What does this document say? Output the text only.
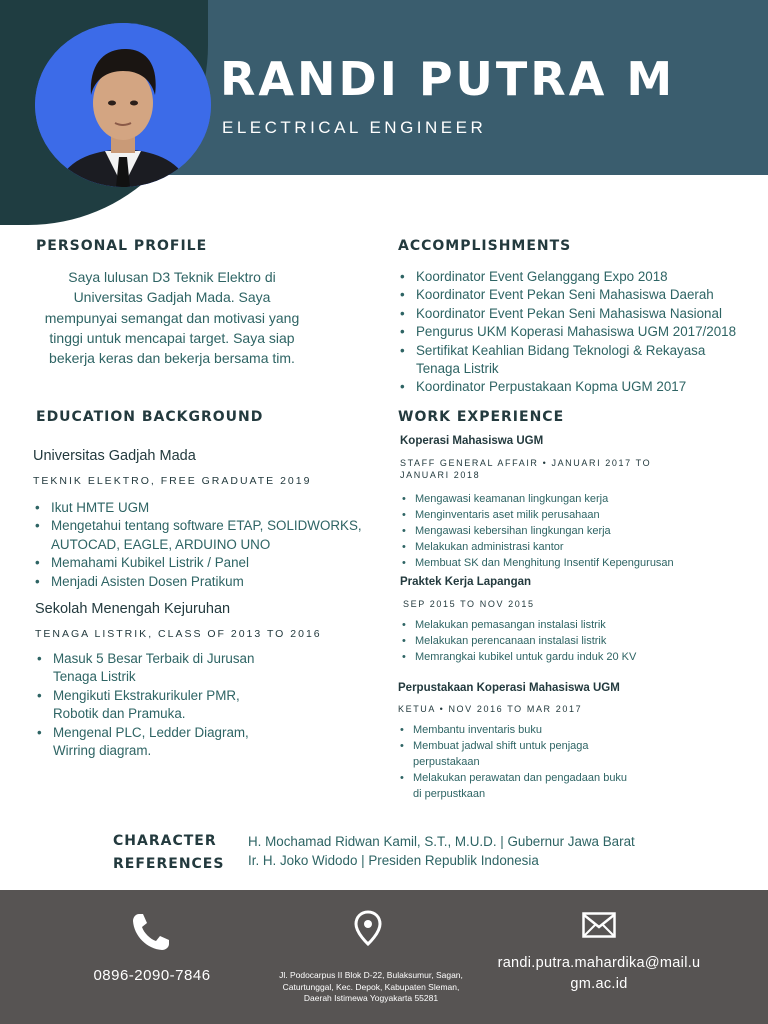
RANDI PUTRA M
ELECTRICAL ENGINEER
PERSONAL PROFILE
Saya lulusan D3 Teknik Elektro di Universitas Gadjah Mada. Saya mempunyai semangat dan motivasi yang tinggi untuk mencapai target. Saya siap bekerja keras dan bekerja bersama tim.
ACCOMPLISHMENTS
• Koordinator Event Gelanggang Expo 2018
• Koordinator Event Pekan Seni Mahasiswa Daerah
• Koordinator Event Pekan Seni Mahasiswa Nasional
• Pengurus UKM Koperasi Mahasiswa UGM 2017/2018
• Sertifikat Keahlian Bidang Teknologi & Rekayasa Tenaga Listrik
• Koordinator Perpustakaan Kopma UGM 2017
EDUCATION BACKGROUND
Universitas Gadjah Mada
TEKNIK ELEKTRO, FREE GRADUATE 2019
• Ikut HMTE UGM
• Mengetahui tentang software ETAP, SOLIDWORKS, AUTOCAD, EAGLE, ARDUINO UNO
• Memahami Kubikel Listrik / Panel
• Menjadi Asisten Dosen Pratikum
Sekolah Menengah Kejuruhan
TENAGA LISTRIK, CLASS OF 2013 TO 2016
• Masuk 5 Besar Terbaik di Jurusan Tenaga Listrik
• Mengikuti Ekstrakurikuler PMR, Robotik dan Pramuka.
• Mengenal PLC, Ledder Diagram, Wirring diagram.
WORK EXPERIENCE
Koperasi Mahasiswa UGM
STAFF GENERAL AFFAIR • JANUARI 2017 TO JANUARI 2018
• Mengawasi keamanan lingkungan kerja
• Menginventaris aset milik perusahaan
• Mengawasi kebersihan lingkungan kerja
• Melakukan administrasi kantor
• Membuat SK dan Menghitung Insentif Kepengurusan
Praktek Kerja Lapangan
SEP 2015 TO NOV 2015
• Melakukan pemasangan instalasi listrik
• Melakukan perencanaan instalasi listrik
• Memrangkai kubikel untuk gardu induk 20 KV
Perpustakaan Koperasi Mahasiswa UGM
KETUA • NOV 2016 TO MAR 2017
• Membantu inventaris buku
• Membuat jadwal shift untuk penjaga perpustakaan
• Melakukan perawatan dan pengadaan buku di perpustkaan
CHARACTER
REFERENCES
H. Mochamad Ridwan Kamil, S.T., M.U.D. | Gubernur Jawa Barat
Ir. H. Joko Widodo | Presiden Republik Indonesia
0896-2090-7846	Jl. Podocarpus II Blok D-22, Bulaksumur, Sagan, Caturtunggal, Kec. Depok, Kabupaten Sleman, Daerah Istimewa Yogyakarta 55281
randi.putra.mahardika@mail.ugm.ac.id
